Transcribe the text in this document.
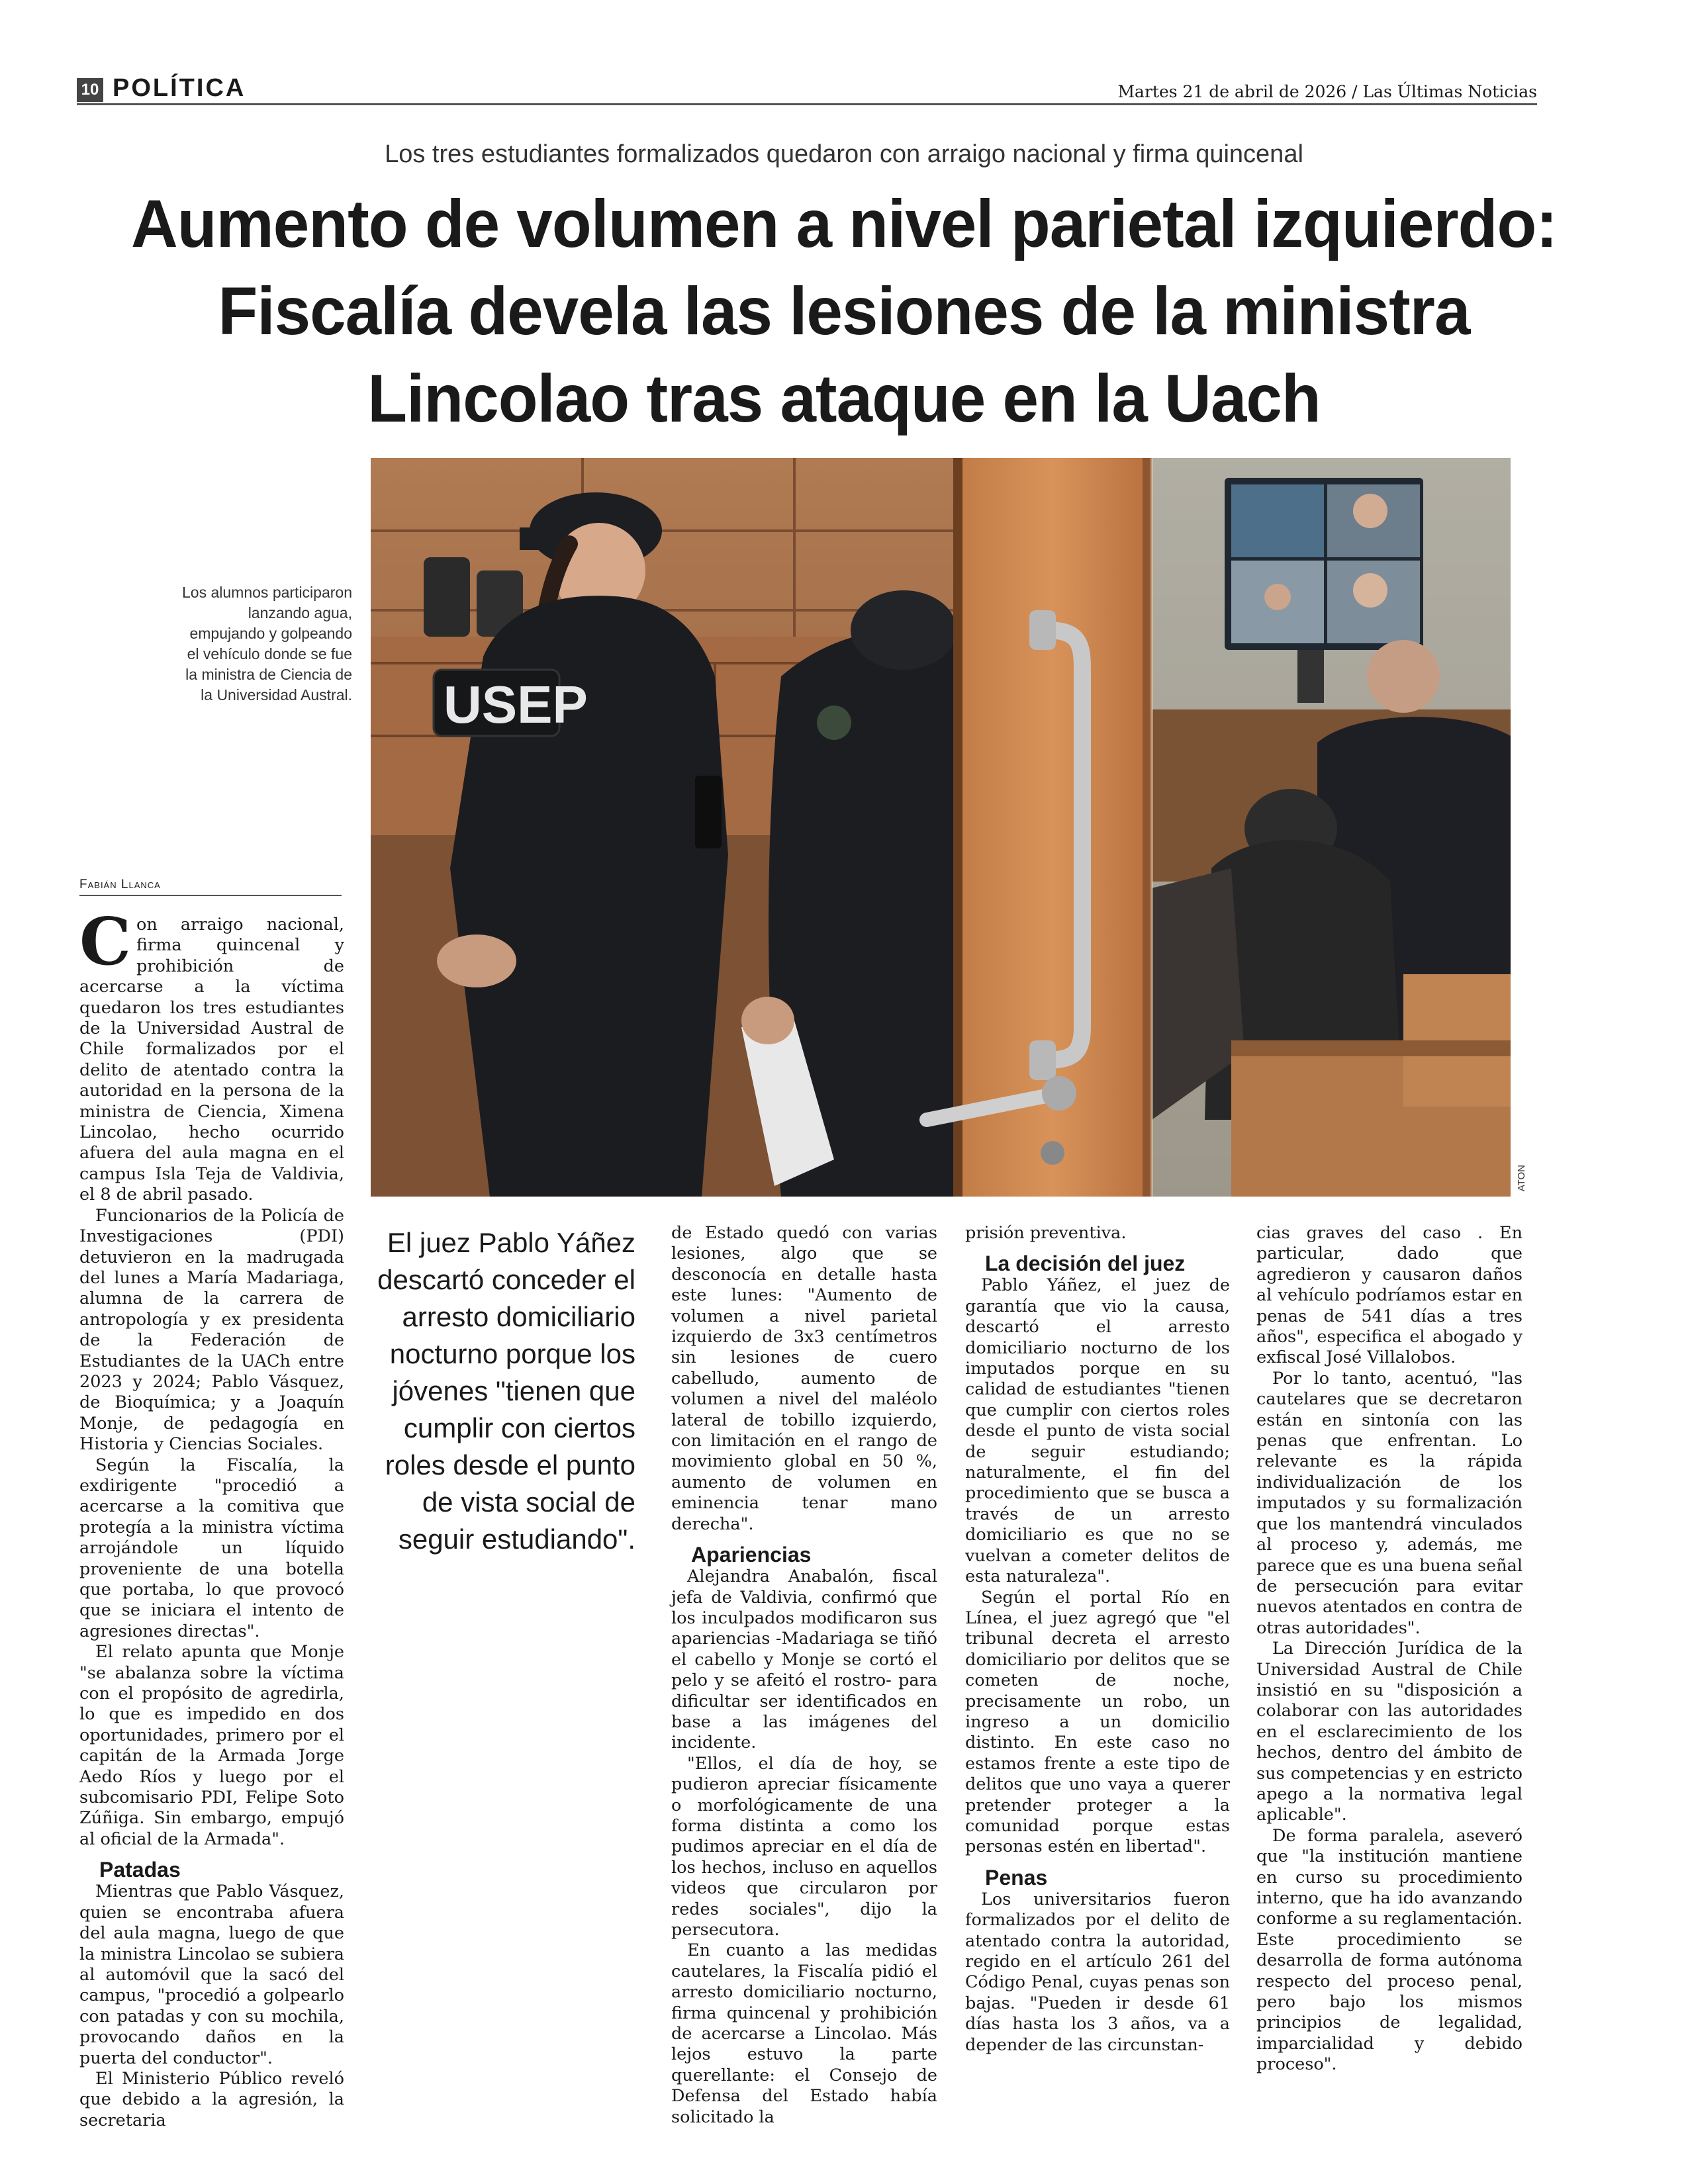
10 POLÍTICA	Martes 21 de abril de 2026 / Las Últimas Noticias
Los tres estudiantes formalizados quedaron con arraigo nacional y firma quincenal
Aumento de volumen a nivel parietal izquierdo: Fiscalía devela las lesiones de la ministra Lincolao tras ataque en la Uach
Los alumnos participaron lanzando agua, empujando y golpeando el vehículo donde se fue la ministra de Ciencia de la Universidad Austral. USEP
ATON
Fabián Llanca

Con arraigo nacional, firma quincenal y prohibición de acercarse a la víctima quedaron los tres estudiantes de la Universidad Austral de Chile formalizados por el delito de atentado contra la autoridad en la persona de la ministra de Ciencia, Ximena Lincolao, hecho ocurrido afuera del aula magna en el campus Isla Teja de Valdivia, el 8 de abril pasado.

Funcionarios de la Policía de Investigaciones (PDI) detuvieron en la madrugada del lunes a María Madariaga, alumna de la carrera de antropología y ex presidenta de la Federación de Estudiantes de la UACh entre 2023 y 2024; Pablo Vásquez, de Bioquímica; y a Joaquín Monje, de pedagogía en Historia y Ciencias Sociales.

Según la Fiscalía, la exdirigente "procedió a acercarse a la comitiva que protegía a la ministra víctima arrojándole un líquido proveniente de una botella que portaba, lo que provocó que se iniciara el intento de agresiones directas".

El relato apunta que Monje "se abalanza sobre la víctima con el propósito de agredirla, lo que es impedido en dos oportunidades, primero por el capitán de la Armada Jorge Aedo Ríos y luego por el subcomisario PDI, Felipe Soto Zúñiga. Sin embargo, empujó al oficial de la Armada".

Patadas

Mientras que Pablo Vásquez, quien se encontraba afuera del aula magna, luego de que la ministra Lincolao se subiera al automóvil que la sacó del campus, "procedió a golpearlo con patadas y con su mochila, provocando daños en la puerta del conductor".

El Ministerio Público reveló que debido a la agresión, la secretaria

El juez Pablo Yáñez descartó conceder el arresto domiciliario nocturno porque los jóvenes "tienen que cumplir con ciertos roles desde el punto de vista social de seguir estudiando".

de Estado quedó con varias lesiones, algo que se desconocía en detalle hasta este lunes: "Aumento de volumen a nivel parietal izquierdo de 3x3 centímetros sin lesiones de cuero cabelludo, aumento de volumen a nivel del maléolo lateral de tobillo izquierdo, con limitación en el rango de movimiento global en 50 %, aumento de volumen en eminencia tenar mano derecha".

Apariencias

Alejandra Anabalón, fiscal jefa de Valdivia, confirmó que los inculpados modificaron sus apariencias -Madariaga se tiñó el cabello y Monje se cortó el pelo y se afeitó el rostro- para dificultar ser identificados en base a las imágenes del incidente.

"Ellos, el día de hoy, se pudieron apreciar físicamente o morfológicamente de una forma distinta a como los pudimos apreciar en el día de los hechos, incluso en aquellos videos que circularon por redes sociales", dijo la persecutora.

En cuanto a las medidas cautelares, la Fiscalía pidió el arresto domiciliario nocturno, firma quincenal y prohibición de acercarse a Lincolao. Más lejos estuvo la parte querellante: el Consejo de Defensa del Estado había solicitado la

prisión preventiva.

La decisión del juez

Pablo Yáñez, el juez de garantía que vio la causa, descartó el arresto domiciliario nocturno de los imputados porque en su calidad de estudiantes "tienen que cumplir con ciertos roles desde el punto de vista social de seguir estudiando; naturalmente, el fin del procedimiento que se busca a través de un arresto domiciliario es que no se vuelvan a cometer delitos de esta naturaleza".

Según el portal Río en Línea, el juez agregó que "el tribunal decreta el arresto domiciliario por delitos que se cometen de noche, precisamente un robo, un ingreso a un domicilio distinto. En este caso no estamos frente a este tipo de delitos que uno vaya a querer pretender proteger a la comunidad porque estas personas estén en libertad".

Penas

Los universitarios fueron formalizados por el delito de atentado contra la autoridad, regido en el artículo 261 del Código Penal, cuyas penas son bajas. "Pueden ir desde 61 días hasta los 3 años, va a depender de las circunstan-

cias graves del caso . En particular, dado que agredieron y causaron daños al vehículo podríamos estar en penas de 541 días a tres años", especifica el abogado y exfiscal José Villalobos.

Por lo tanto, acentuó, "las cautelares que se decretaron están en sintonía con las penas que enfrentan. Lo relevante es la rápida individualización de los imputados y su formalización que los mantendrá vinculados al proceso y, además, me parece que es una buena señal de persecución para evitar nuevos atentados en contra de otras autoridades".

La Dirección Jurídica de la Universidad Austral de Chile insistió en su "disposición a colaborar con las autoridades en el esclarecimiento de los hechos, dentro del ámbito de sus competencias y en estricto apego a la normativa legal aplicable".

De forma paralela, aseveró que "la institución mantiene en curso su procedimiento interno, que ha ido avanzando conforme a su reglamentación. Este procedimiento se desarrolla de forma autónoma respecto del proceso penal, pero bajo los mismos principios de legalidad, imparcialidad y debido proceso".
